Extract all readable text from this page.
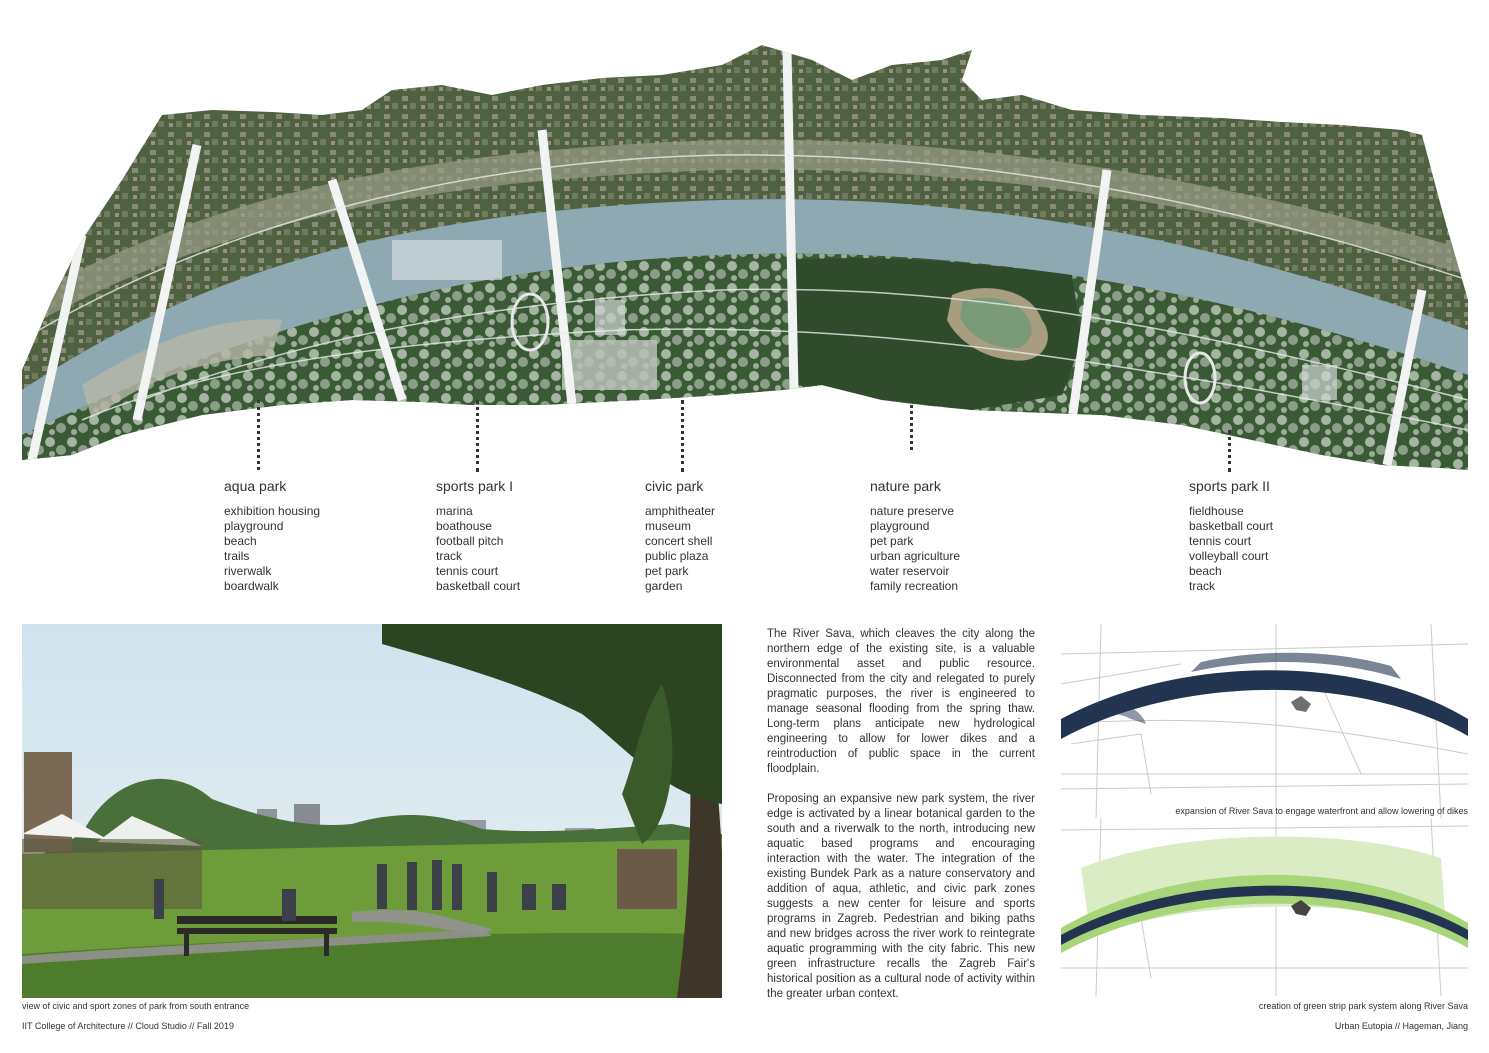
aqua park
exhibition housing
playground
beach
trails
riverwalk
boardwalk
sports park I
marina
boathouse
football pitch
track
tennis court
basketball court
civic park
amphitheater
museum
concert shell
public plaza
pet park
garden
nature park
nature preserve
playground
pet park
urban agriculture
water reservoir
family recreation
sports park II
fieldhouse
basketball court
tennis court
volleyball court
beach
track
view of civic and sport zones of park from south entrance

The River Sava, which cleaves the city along the northern edge of the existing site, is a valuable environmental asset and public resource. Disconnected from the city and relegated to purely pragmatic purposes, the river is engineered to manage seasonal flooding from the spring thaw. Long-term plans anticipate new hydrological engineering to allow for lower dikes and a reintroduction of public space in the current floodplain.

Proposing an expansive new park system, the river edge is activated by a linear botanical garden to the south and a riverwalk to the north, introducing new aquatic based programs and encouraging interaction with the water. The integration of the existing Bundek Park as a nature conservatory and addition of aqua, athletic, and civic park zones suggests a new center for leisure and sports programs in Zagreb. Pedestrian and biking paths and new bridges across the river work to reintegrate aquatic programming with the city fabric. This new green infrastructure recalls the Zagreb Fair's historical position as a cultural node of activity within the greater urban context.

expansion of River Sava to engage waterfront and allow lowering of dikes
creation of green strip park system along River Sava
IIT College of Architecture // Cloud Studio // Fall 2019	Urban Eutopia // Hageman, Jiang
